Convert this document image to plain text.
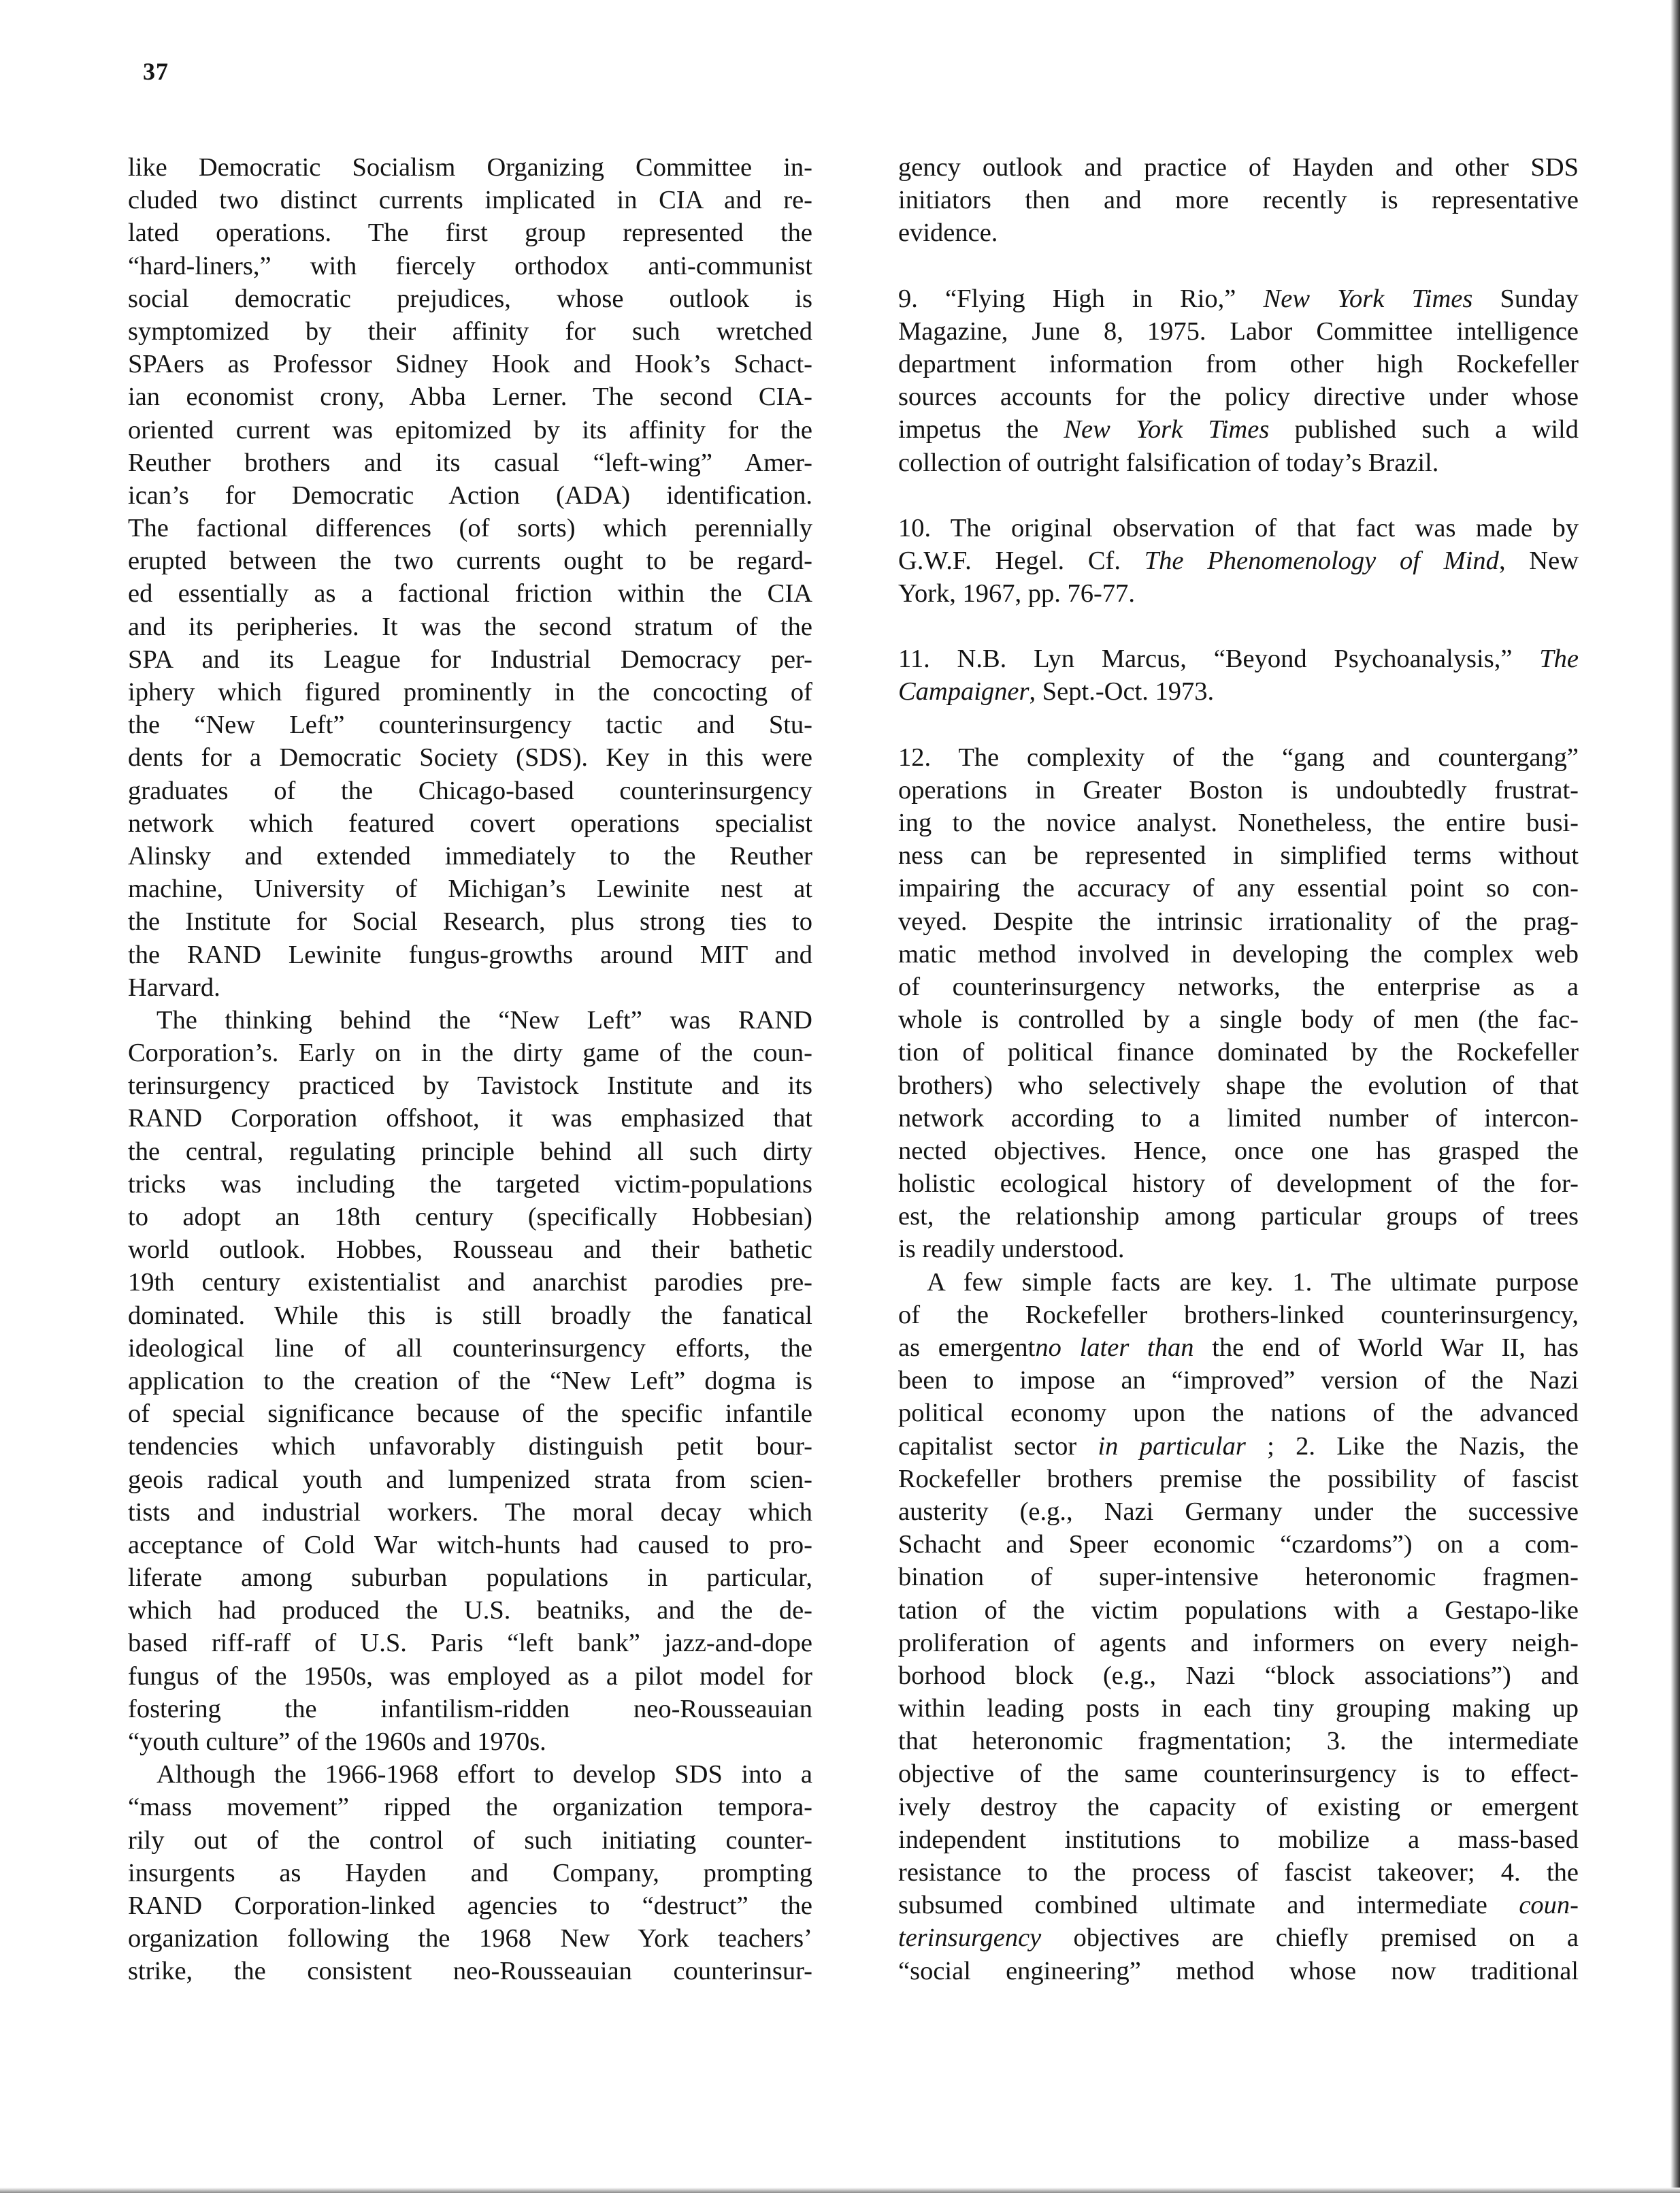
37
like Democratic Socialism Organizing Committee in-
cluded two distinct currents implicated in CIA and re-
lated operations. The first group represented the
“hard-liners,” with fiercely orthodox anti-communist
social democratic prejudices, whose outlook is
symptomized by their affinity for such wretched
SPAers as Professor Sidney Hook and Hook’s Schact-
ian economist crony, Abba Lerner. The second CIA-
oriented current was epitomized by its affinity for the
Reuther brothers and its casual “left-wing” Amer-
ican’s for Democratic Action (ADA) identification.
The factional differences (of sorts) which perennially
erupted between the two currents ought to be regard-
ed essentially as a factional friction within the CIA
and its peripheries. It was the second stratum of the
SPA and its League for Industrial Democracy per-
iphery which figured prominently in the concocting of
the “New Left” counterinsurgency tactic and Stu-
dents for a Democratic Society (SDS). Key in this were
graduates of the Chicago-based counterinsurgency
network which featured covert operations specialist
Alinsky and extended immediately to the Reuther
machine, University of Michigan’s Lewinite nest at
the Institute for Social Research, plus strong ties to
the RAND Lewinite fungus-growths around MIT and
Harvard.
The thinking behind the “New Left” was RAND
Corporation’s. Early on in the dirty game of the coun-
terinsurgency practiced by Tavistock Institute and its
RAND Corporation offshoot, it was emphasized that
the central, regulating principle behind all such dirty
tricks was including the targeted victim-populations
to adopt an 18th century (specifically Hobbesian)
world outlook. Hobbes, Rousseau and their bathetic
19th century existentialist and anarchist parodies pre-
dominated. While this is still broadly the fanatical
ideological line of all counterinsurgency efforts, the
application to the creation of the “New Left” dogma is
of special significance because of the specific infantile
tendencies which unfavorably distinguish petit bour-
geois radical youth and lumpenized strata from scien-
tists and industrial workers. The moral decay which
acceptance of Cold War witch-hunts had caused to pro-
liferate among suburban populations in particular,
which had produced the U.S. beatniks, and the de-
based riff-raff of U.S. Paris “left bank” jazz-and-dope
fungus of the 1950s, was employed as a pilot model for
fostering the infantilism-ridden neo-Rousseauian
“youth culture” of the 1960s and 1970s.
Although the 1966-1968 effort to develop SDS into a
“mass movement” ripped the organization tempora-
rily out of the control of such initiating counter-
insurgents as Hayden and Company, prompting
RAND Corporation-linked agencies to “destruct” the
organization following the 1968 New York teachers’
strike, the consistent neo-Rousseauian counterinsur-
gency outlook and practice of Hayden and other SDS
initiators then and more recently is representative
evidence.
9. “Flying High in Rio,” New York Times Sunday
Magazine, June 8, 1975. Labor Committee intelligence
department information from other high Rockefeller
sources accounts for the policy directive under whose
impetus the New York Times published such a wild
collection of outright falsification of today’s Brazil.
10. The original observation of that fact was made by
G.W.F. Hegel. Cf. The Phenomenology of Mind, New
York, 1967, pp. 76-77.
11. N.B. Lyn Marcus, “Beyond Psychoanalysis,” The
Campaigner, Sept.-Oct. 1973.
12. The complexity of the “gang and countergang”
operations in Greater Boston is undoubtedly frustrat-
ing to the novice analyst. Nonetheless, the entire busi-
ness can be represented in simplified terms without
impairing the accuracy of any essential point so con-
veyed. Despite the intrinsic irrationality of the prag-
matic method involved in developing the complex web
of counterinsurgency networks, the enterprise as a
whole is controlled by a single body of men (the fac-
tion of political finance dominated by the Rockefeller
brothers) who selectively shape the evolution of that
network according to a limited number of intercon-
nected objectives. Hence, once one has grasped the
holistic ecological history of development of the for-
est, the relationship among particular groups of trees
is readily understood.
A few simple facts are key. 1. The ultimate purpose
of the Rockefeller brothers-linked counterinsurgency,
as emergentno later than the end of World War II, has
been to impose an “improved” version of the Nazi
political economy upon the nations of the advanced
capitalist sector in particular ; 2. Like the Nazis, the
Rockefeller brothers premise the possibility of fascist
austerity (e.g., Nazi Germany under the successive
Schacht and Speer economic “czardoms”) on a com-
bination of super-intensive heteronomic fragmen-
tation of the victim populations with a Gestapo-like
proliferation of agents and informers on every neigh-
borhood block (e.g., Nazi “block associations”) and
within leading posts in each tiny grouping making up
that heteronomic fragmentation; 3. the intermediate
objective of the same counterinsurgency is to effect-
ively destroy the capacity of existing or emergent
independent institutions to mobilize a mass-based
resistance to the process of fascist takeover; 4. the
subsumed combined ultimate and intermediate coun-
terinsurgency objectives are chiefly premised on a
“social engineering” method whose now traditional
